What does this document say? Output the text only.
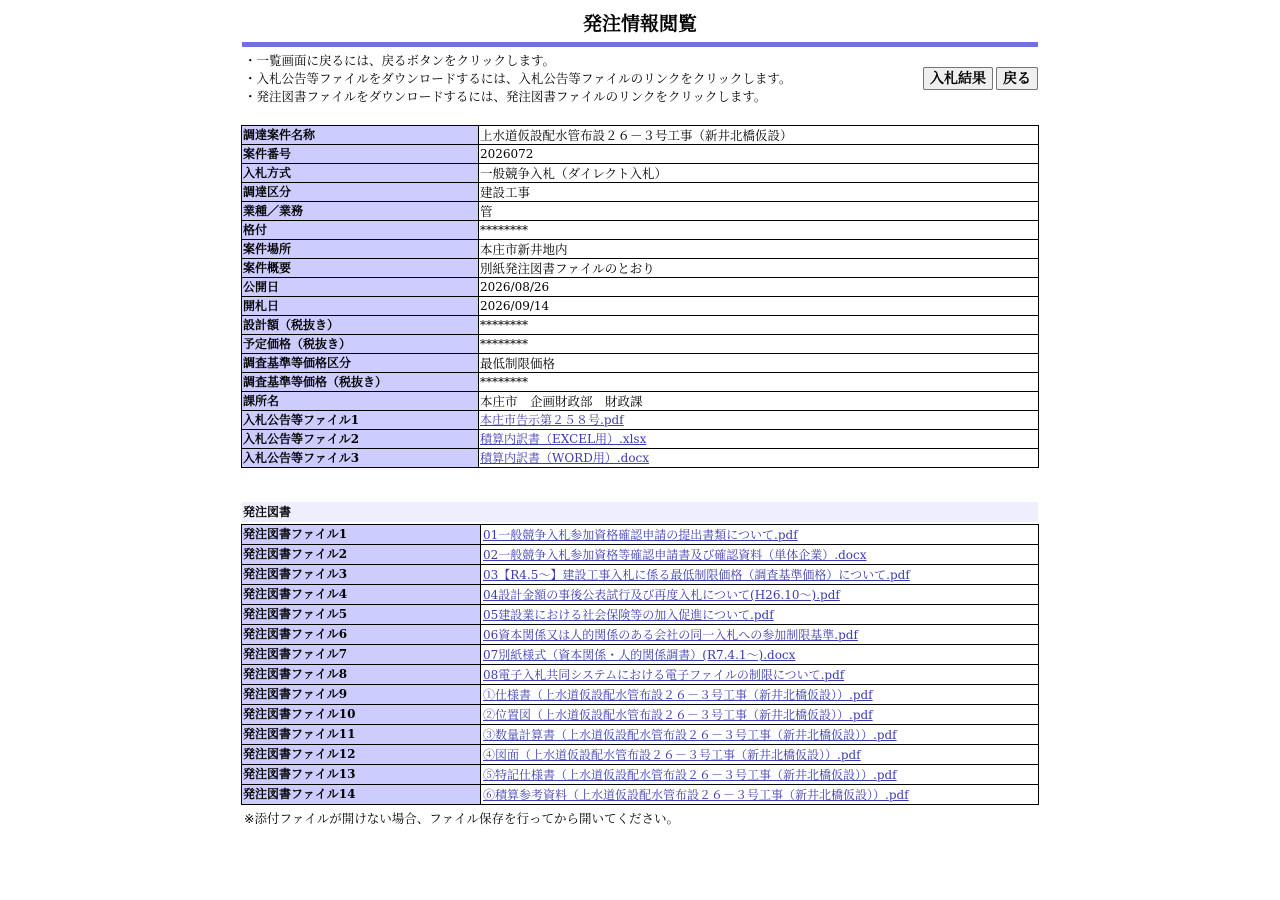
発注情報閲覧
・一覧画面に戻るには、戻るボタンをクリックします。
・入札公告等ファイルをダウンロードするには、入札公告等ファイルのリンクをクリックします。
・発注図書ファイルをダウンロードするには、発注図書ファイルのリンクをクリックします。
入札結果	戻る
調達案件名称	上水道仮設配水管布設２６－３号工事（新井北橋仮設）
案件番号	2026072
入札方式	一般競争入札（ダイレクト入札）
調達区分	建設工事
業種／業務	管
格付	********
案件場所	本庄市新井地内
案件概要	別紙発注図書ファイルのとおり
公開日	2026/08/26
開札日	2026/09/14
設計額（税抜き）	********
予定価格（税抜き）	********
調査基準等価格区分	最低制限価格
調査基準等価格（税抜き）	********
課所名	本庄市　企画財政部　財政課
入札公告等ファイル1	本庄市告示第２５８号.pdf
入札公告等ファイル2	積算内訳書（EXCEL用）.xlsx
入札公告等ファイル3	積算内訳書（WORD用）.docx
発注図書
発注図書ファイル1	01一般競争入札参加資格確認申請の提出書類について.pdf
発注図書ファイル2	02一般競争入札参加資格等確認申請書及び確認資料（単体企業）.docx
発注図書ファイル3	03【R4.5～】建設工事入札に係る最低制限価格（調査基準価格）について.pdf
発注図書ファイル4	04設計金額の事後公表試行及び再度入札について(H26.10～).pdf
発注図書ファイル5	05建設業における社会保険等の加入促進について.pdf
発注図書ファイル6	06資本関係又は人的関係のある会社の同一入札への参加制限基準.pdf
発注図書ファイル7	07別紙様式（資本関係・人的関係調書）(R7.4.1～).docx
発注図書ファイル8	08電子入札共同システムにおける電子ファイルの制限について.pdf
発注図書ファイル9	①仕様書（上水道仮設配水管布設２６－３号工事（新井北橋仮設））.pdf
発注図書ファイル10	②位置図（上水道仮設配水管布設２６－３号工事（新井北橋仮設））.pdf
発注図書ファイル11	③数量計算書（上水道仮設配水管布設２６－３号工事（新井北橋仮設））.pdf
発注図書ファイル12	④図面（上水道仮設配水管布設２６－３号工事（新井北橋仮設））.pdf
発注図書ファイル13	⑤特記仕様書（上水道仮設配水管布設２６－３号工事（新井北橋仮設））.pdf
発注図書ファイル14	⑥積算参考資料（上水道仮設配水管布設２６－３号工事（新井北橋仮設））.pdf
※添付ファイルが開けない場合、ファイル保存を行ってから開いてください。
